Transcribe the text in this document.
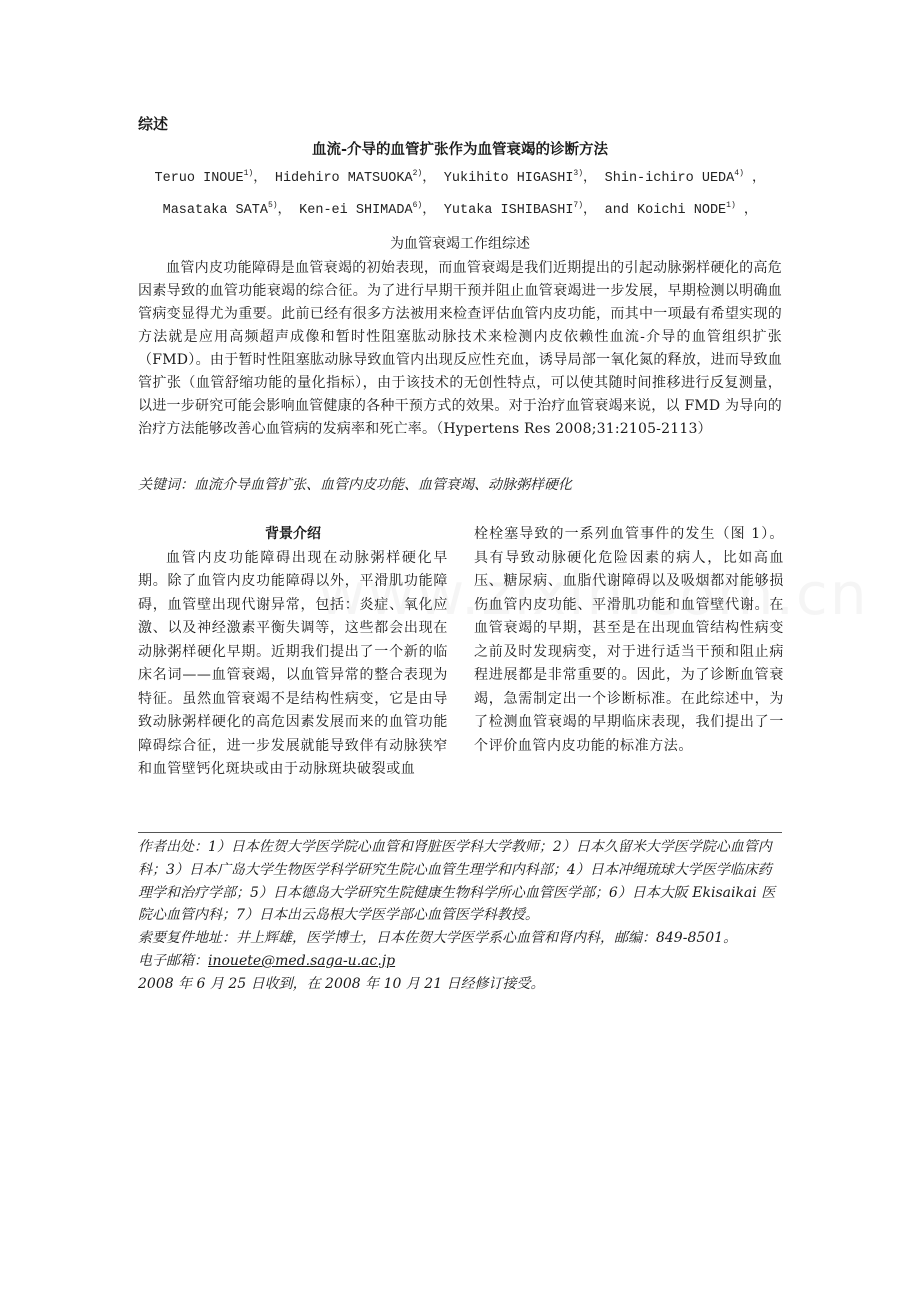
综述
血流-介导的血管扩张作为血管衰竭的诊断方法
Teruo INOUE$^{1)}$， Hidehiro MATSUOKA$^{2)}$， Yukihito HIGASHI$^{3)}$， Shin-ichiro UEDA$^{4)}$ ，
Masataka SATA$^{5)}$， Ken-ei SHIMADA$^{6)}$， Yutaka ISHIBASHI$^{7)}$， and Koichi NODE$^{1)}$ ，
为血管衰竭工作组综述

血管内皮功能障碍是血管衰竭的初始表现，而血管衰竭是我们近期提出的引起动脉粥样硬化的高危因素导致的血管功能衰竭的综合征。为了进行早期干预并阻止血管衰竭进一步发展，早期检测以明确血管病变显得尤为重要。此前已经有很多方法被用来检查评估血管内皮功能，而其中一项最有希望实现的方法就是应用高频超声成像和暂时性阻塞肱动脉技术来检测内皮依赖性血流-介导的血管组织扩张（FMD）。由于暂时性阻塞肱动脉导致血管内出现反应性充血，诱导局部一氧化氮的释放，进而导致血管扩张（血管舒缩功能的量化指标），由于该技术的无创性特点，可以使其随时间推移进行反复测量，以进一步研究可能会影响血管健康的各种干预方式的效果。对于治疗血管衰竭来说，以 FMD 为导向的治疗方法能够改善心血管病的发病率和死亡率。（Hypertens Res 2008;31:2105-2113）

关键词：血流介导血管扩张、血管内皮功能、血管衰竭、动脉粥样硬化
背景介绍

血管内皮功能障碍出现在动脉粥样硬化早期。除了血管内皮功能障碍以外，平滑肌功能障碍，血管壁出现代谢异常，包括：炎症、氧化应激、以及神经激素平衡失调等，这些都会出现在动脉粥样硬化早期。近期我们提出了一个新的临床名词——血管衰竭，以血管异常的整合表现为特征。虽然血管衰竭不是结构性病变，它是由导致动脉粥样硬化的高危因素发展而来的血管功能障碍综合征，进一步发展就能导致伴有动脉狭窄和血管壁钙化斑块或由于动脉斑块破裂或血

栓栓塞导致的一系列血管事件的发生（图 1）。具有导致动脉硬化危险因素的病人，比如高血压、糖尿病、血脂代谢障碍以及吸烟都对能够损伤血管内皮功能、平滑肌功能和血管壁代谢。在血管衰竭的早期，甚至是在出现血管结构性病变之前及时发现病变，对于进行适当干预和阻止病程进展都是非常重要的。因此，为了诊断血管衰竭，急需制定出一个诊断标准。在此综述中，为了检测血管衰竭的早期临床表现，我们提出了一个评价血管内皮功能的标准方法。

作者出处：1）日本佐贺大学医学院心血管和肾脏医学科大学教师；2）日本久留米大学医学院心血管内科；3）日本广岛大学生物医学科学研究生院心血管生理学和内科部；4）日本冲绳琉球大学医学临床药理学和治疗学部；5）日本德岛大学研究生院健康生物科学所心血管医学部；6）日本大阪 Ekisaikai 医院心血管内科；7）日本出云岛根大学医学部心血管医学科教授。

索要复件地址：井上辉雄，医学博士，日本佐贺大学医学系心血管和肾内科，邮编：849-8501。

电子邮箱：inouete@med.saga-u.ac.jp

2008 年 6 月 25 日收到，在 2008 年 10 月 21 日经修订接受。
